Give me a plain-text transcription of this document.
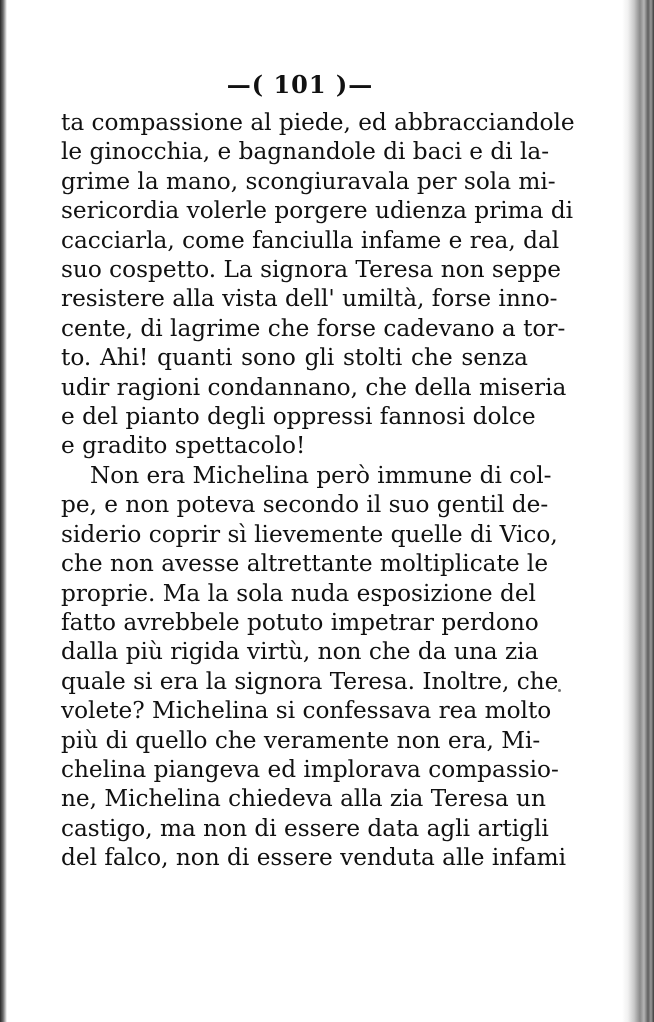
—( 101 )—
ta compassione al piede, ed abbracciandole
le ginocchia, e bagnandole di baci e di la-
grime la mano, scongiuravala per sola mi-
sericordia volerle porgere udienza prima di
cacciarla, come fanciulla infame e rea, dal
suo cospetto. La signora Teresa non seppe
resistere alla vista dell' umiltà, forse inno-
cente, di lagrime che forse cadevano a tor-
to. Ahi! quanti sono gli stolti che senza
udir ragioni condannano, che della miseria
e del pianto degli oppressi fannosi dolce
e gradito spettacolo!
Non era Michelina però immune di col-
pe, e non poteva secondo il suo gentil de-
siderio coprir sì lievemente quelle di Vico,
che non avesse altrettante moltiplicate le
proprie. Ma la sola nuda esposizione del
fatto avrebbele potuto impetrar perdono
dalla più rigida virtù, non che da una zia
quale si era la signora Teresa. Inoltre, che
volete? Michelina si confessava rea molto
più di quello che veramente non era, Mi-
chelina piangeva ed implorava compassio-
ne, Michelina chiedeva alla zia Teresa un
castigo, ma non di essere data agli artigli
del falco, non di essere venduta alle infami
